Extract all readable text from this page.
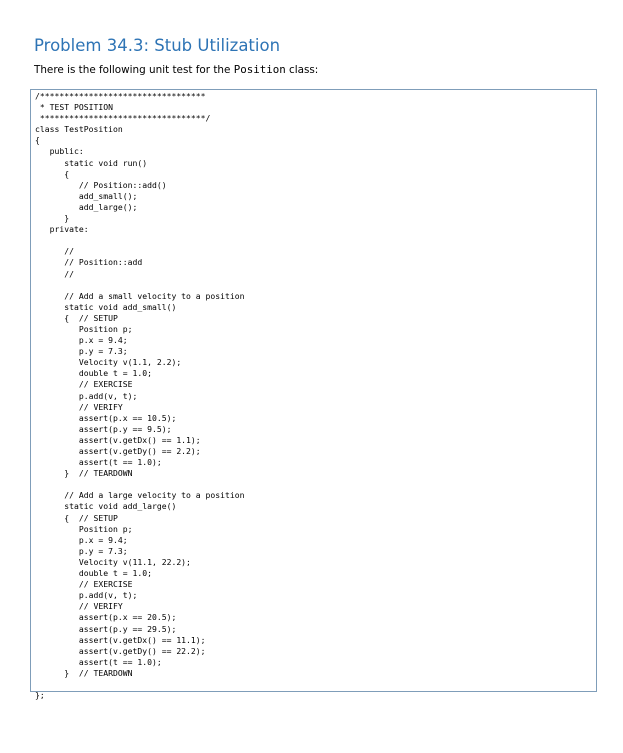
Problem 34.3: Stub Utilization

There is the following unit test for the Position class:

/**********************************
* TEST POSITION
**********************************/
class TestPosition
{
public:
static void run()
{
// Position::add()
add_small();
add_large();
}
private:
//
// Position::add
//
// Add a small velocity to a position
static void add_small()
{  // SETUP
Position p;
p.x = 9.4;
p.y = 7.3;
Velocity v(1.1, 2.2);
double t = 1.0;
// EXERCISE
p.add(v, t);
// VERIFY
assert(p.x == 10.5);
assert(p.y == 9.5);
assert(v.getDx() == 1.1);
assert(v.getDy() == 2.2);
assert(t == 1.0);
}  // TEARDOWN
// Add a large velocity to a position
static void add_large()
{  // SETUP
Position p;
p.x = 9.4;
p.y = 7.3;
Velocity v(11.1, 22.2);
double t = 1.0;
// EXERCISE
p.add(v, t);
// VERIFY
assert(p.x == 20.5);
assert(p.y == 29.5);
assert(v.getDx() == 11.1);
assert(v.getDy() == 22.2);
assert(t == 1.0);
}  // TEARDOWN
};
